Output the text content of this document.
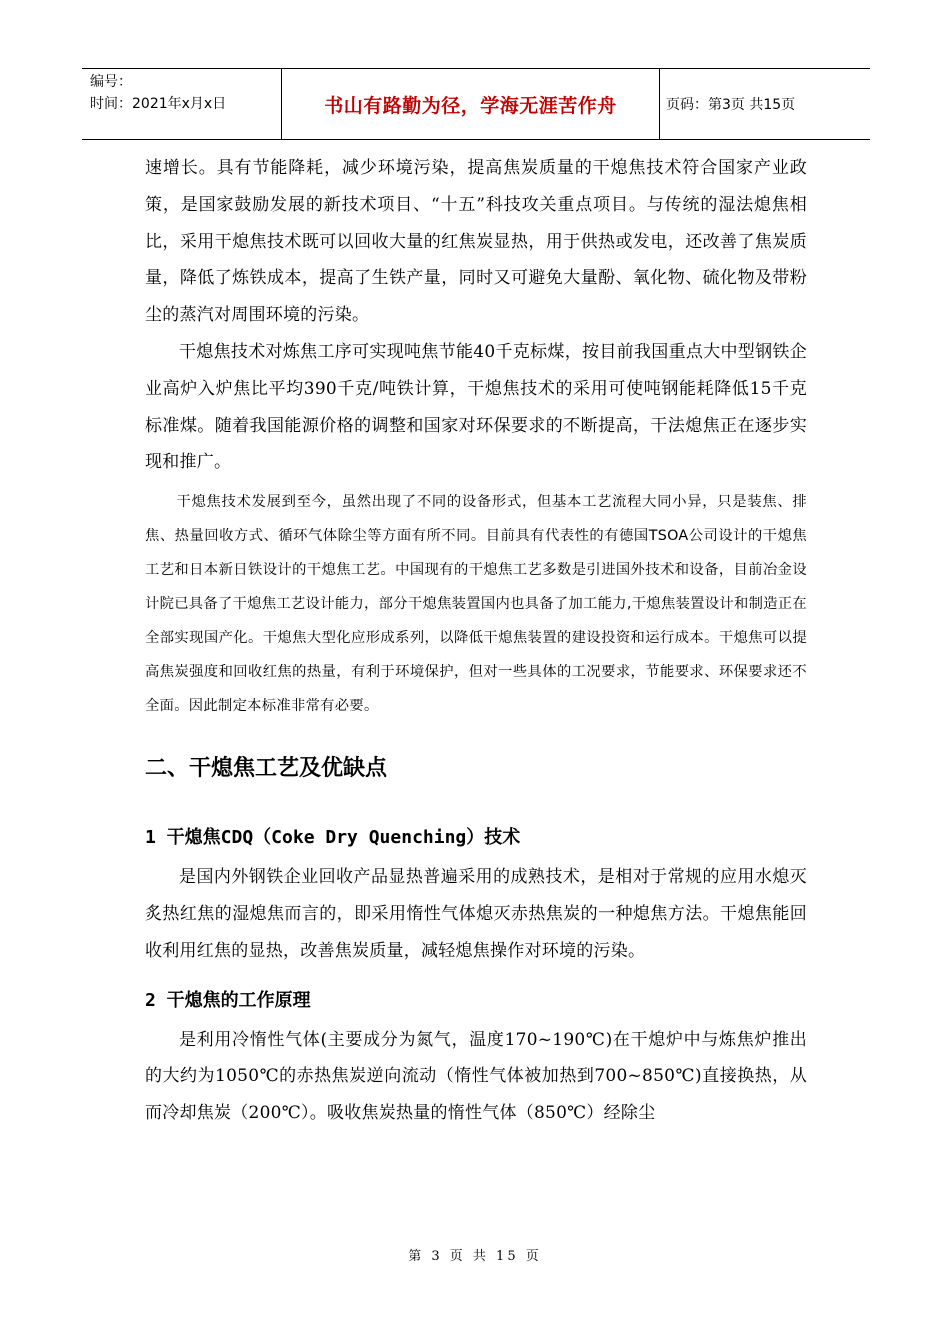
编号：
时间：2021年x月x日	书山有路勤为径，学海无涯苦作舟	页码：第3页 共15页

速增长。具有节能降耗，减少环境污染，提高焦炭质量的干熄焦技术符合国家产业政策，是国家鼓励发展的新技术项目、“十五”科技攻关重点项目。与传统的湿法熄焦相比，采用干熄焦技术既可以回收大量的红焦炭显热，用于供热或发电，还改善了焦炭质量，降低了炼铁成本，提高了生铁产量，同时又可避免大量酚、氧化物、硫化物及带粉尘的蒸汽对周围环境的污染。

干熄焦技术对炼焦工序可实现吨焦节能40千克标煤，按目前我国重点大中型钢铁企业高炉入炉焦比平均390千克/吨铁计算，干熄焦技术的采用可使吨钢能耗降低15千克标准煤。随着我国能源价格的调整和国家对环保要求的不断提高，干法熄焦正在逐步实现和推广。

干熄焦技术发展到至今，虽然出现了不同的设备形式，但基本工艺流程大同小异，只是装焦、排焦、热量回收方式、循环气体除尘等方面有所不同。目前具有代表性的有德国TSOA公司设计的干熄焦工艺和日本新日铁设计的干熄焦工艺。中国现有的干熄焦工艺多数是引进国外技术和设备，目前冶金设计院已具备了干熄焦工艺设计能力，部分干熄焦装置国内也具备了加工能力,干熄焦装置设计和制造正在全部实现国产化。干熄焦大型化应形成系列，以降低干熄焦装置的建设投资和运行成本。干熄焦可以提高焦炭强度和回收红焦的热量，有利于环境保护，但对一些具体的工况要求，节能要求、环保要求还不全面。因此制定本标准非常有必要。

二、干熄焦工艺及优缺点
1 干熄焦CDQ（Coke Dry Quenching）技术

是国内外钢铁企业回收产品显热普遍采用的成熟技术，是相对于常规的应用水熄灭炙热红焦的湿熄焦而言的，即采用惰性气体熄灭赤热焦炭的一种熄焦方法。干熄焦能回收利用红焦的显热，改善焦炭质量，减轻熄焦操作对环境的污染。

2 干熄焦的工作原理

是利用冷惰性气体(主要成分为氮气，温度170~190℃)在干熄炉中与炼焦炉推出的大约为1050℃的赤热焦炭逆向流动（惰性气体被加热到700~850℃)直接换热，从而冷却焦炭（200℃）。吸收焦炭热量的惰性气体（850℃）经除尘

第 3 页 共 15 页
